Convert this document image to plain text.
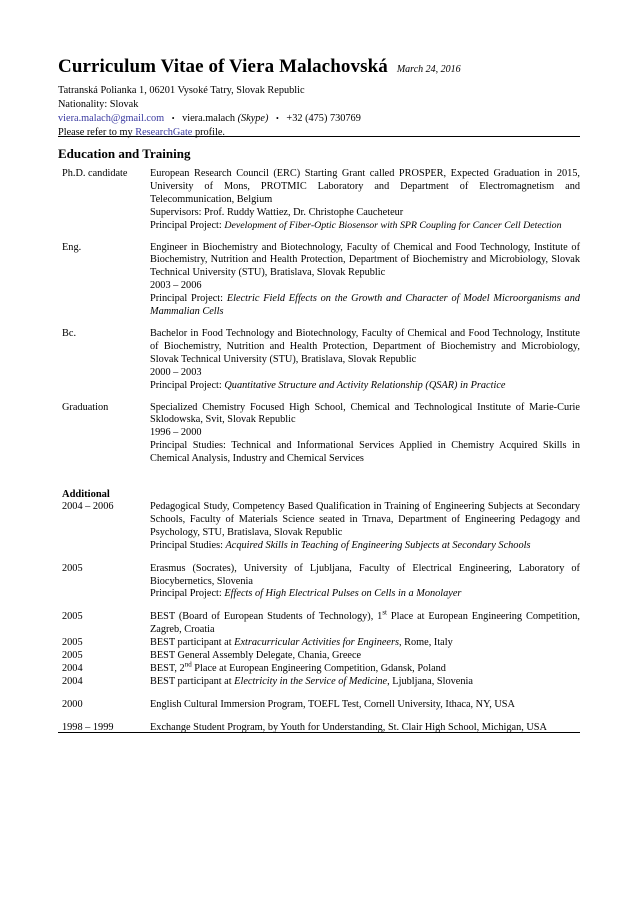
Curriculum Vitae of Viera Malachovská March 24, 2016
Tatranská Polianka 1, 06201 Vysoké Tatry, Slovak Republic
Nationality: Slovak
viera.malach@gmail.com • viera.malach (Skype) • +32 (475) 730769
Please refer to my ResearchGate profile.
Education and Training
Ph.D. candidate	European Research Council (ERC) Starting Grant called PROSPER, Expected Graduation in 2015, University of Mons, PROTMIC Laboratory and Department of Electromagnetism and Telecommunication, Belgium
Supervisors: Prof. Ruddy Wattiez, Dr. Christophe Caucheteur
Principal Project: Development of Fiber-Optic Biosensor with SPR Coupling for Cancer Cell Detection
Eng.	Engineer in Biochemistry and Biotechnology, Faculty of Chemical and Food Technology, Institute of Biochemistry, Nutrition and Health Protection, Department of Biochemistry and Microbiology, Slovak Technical University (STU), Bratislava, Slovak Republic
2003 – 2006
Principal Project: Electric Field Effects on the Growth and Character of Model Microorganisms and Mammalian Cells
Bc.	Bachelor in Food Technology and Biotechnology, Faculty of Chemical and Food Technology, Institute of Biochemistry, Nutrition and Health Protection, Department of Biochemistry and Microbiology, Slovak Technical University (STU), Bratislava, Slovak Republic
2000 – 2003
Principal Project: Quantitative Structure and Activity Relationship (QSAR) in Practice
Graduation	Specialized Chemistry Focused High School, Chemical and Technological Institute of Marie-Curie Sklodowska, Svit, Slovak Republic
1996 – 2000
Principal Studies: Technical and Informational Services Applied in Chemistry Acquired Skills in Chemical Analysis, Industry and Chemical Services
Additional
2004 – 2006	Pedagogical Study, Competency Based Qualification in Training of Engineering Subjects at Secondary Schools, Faculty of Materials Science seated in Trnava, Department of Engineering Pedagogy and Psychology, STU, Bratislava, Slovak Republic
Principal Studies: Acquired Skills in Teaching of Engineering Subjects at Secondary Schools
2005	Erasmus (Socrates), University of Ljubljana, Faculty of Electrical Engineering, Laboratory of Biocybernetics, Slovenia
Principal Project: Effects of High Electrical Pulses on Cells in a Monolayer
2005	BEST (Board of European Students of Technology), 1st Place at European Engineering Competition, Zagreb, Croatia
2005	BEST participant at Extracurricular Activities for Engineers, Rome, Italy
2005	BEST General Assembly Delegate, Chania, Greece
2004	BEST, 2nd Place at European Engineering Competition, Gdansk, Poland
2004	BEST participant at Electricity in the Service of Medicine, Ljubljana, Slovenia
2000	English Cultural Immersion Program, TOEFL Test, Cornell University, Ithaca, NY, USA
1998 – 1999	Exchange Student Program, by Youth for Understanding, St. Clair High School, Michigan, USA
